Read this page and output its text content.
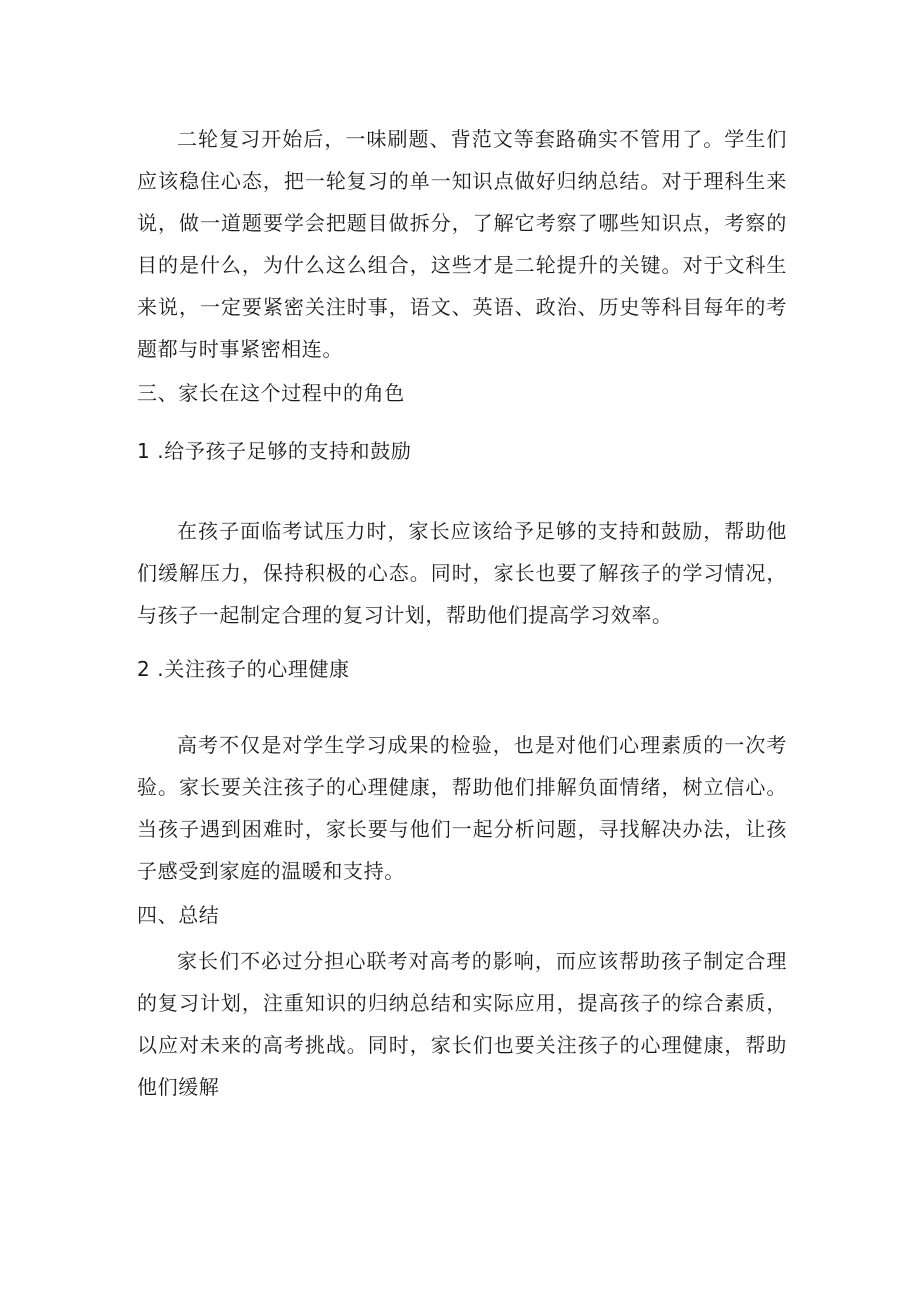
二轮复习开始后，一味刷题、背范文等套路确实不管用了。学生们应该稳住心态，把一轮复习的单一知识点做好归纳总结。对于理科生来说，做一道题要学会把题目做拆分，了解它考察了哪些知识点，考察的目的是什么，为什么这么组合，这些才是二轮提升的关键。对于文科生来说，一定要紧密关注时事，语文、英语、政治、历史等科目每年的考题都与时事紧密相连。

三、家长在这个过程中的角色

1 .给予孩子足够的支持和鼓励

在孩子面临考试压力时，家长应该给予足够的支持和鼓励，帮助他们缓解压力，保持积极的心态。同时，家长也要了解孩子的学习情况，与孩子一起制定合理的复习计划，帮助他们提高学习效率。

2 .关注孩子的心理健康

高考不仅是对学生学习成果的检验，也是对他们心理素质的一次考验。家长要关注孩子的心理健康，帮助他们排解负面情绪，树立信心。当孩子遇到困难时，家长要与他们一起分析问题，寻找解决办法，让孩子感受到家庭的温暖和支持。

四、总结

家长们不必过分担心联考对高考的影响，而应该帮助孩子制定合理的复习计划，注重知识的归纳总结和实际应用，提高孩子的综合素质，以应对未来的高考挑战。同时，家长们也要关注孩子的心理健康，帮助他们缓解
